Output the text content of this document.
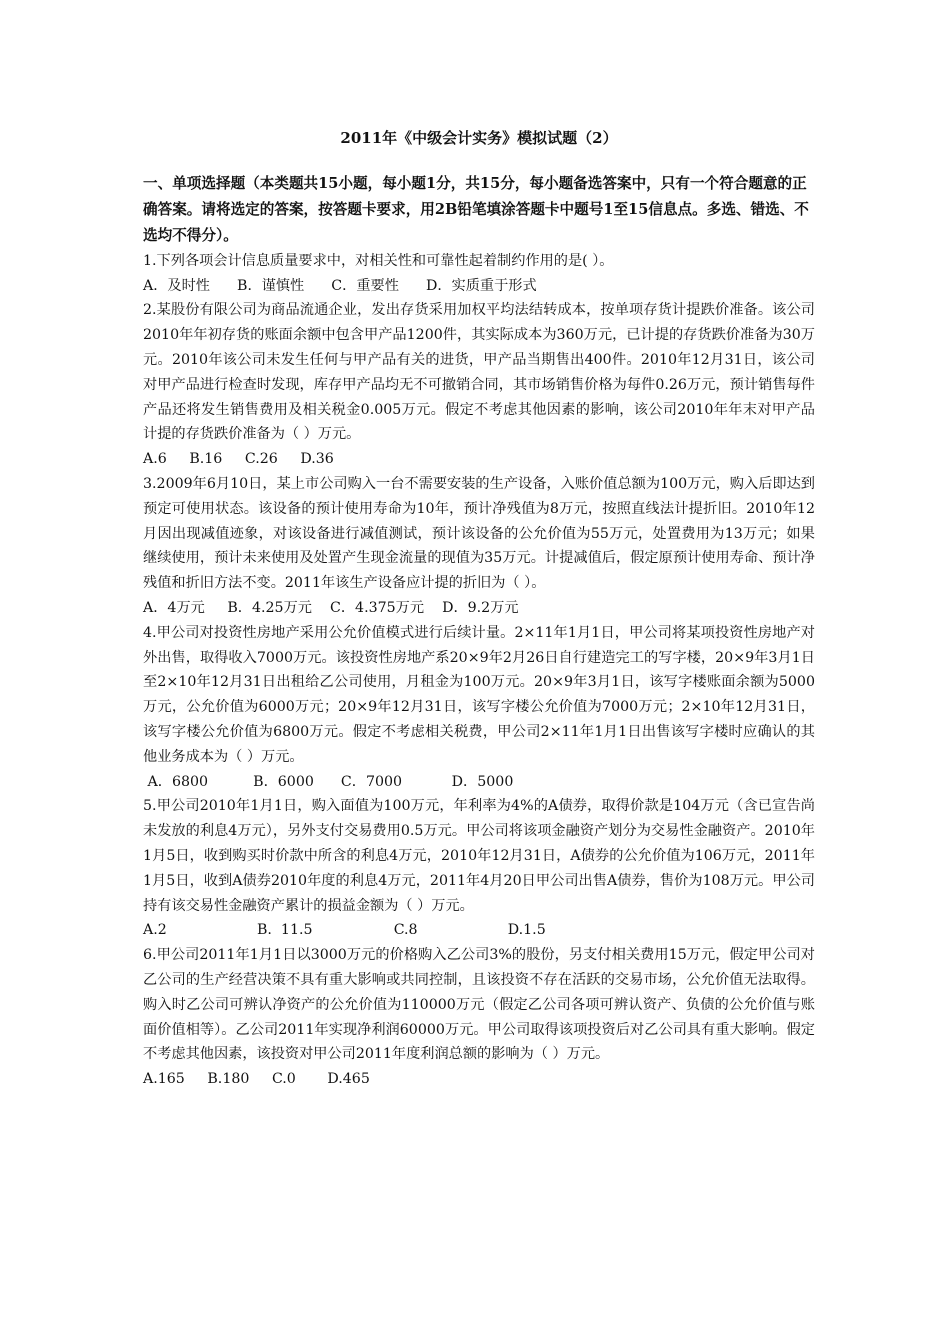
2011年《中级会计实务》模拟试题（2）

一、单项选择题（本类题共15小题，每小题1分，共15分，每小题备选答案中，只有一个符合题意的正确答案。请将选定的答案，按答题卡要求，用2B铅笔填涂答题卡中题号1至15信息点。多选、错选、不选均不得分）。

1.下列各项会计信息质量要求中，对相关性和可靠性起着制约作用的是( ）。

A．及时性      B．谨慎性      C．重要性      D．实质重于形式

2.某股份有限公司为商品流通企业，发出存货采用加权平均法结转成本，按单项存货计提跌价准备。该公司2010年年初存货的账面余额中包含甲产品1200件，其实际成本为360万元，已计提的存货跌价准备为30万元。2010年该公司未发生任何与甲产品有关的进货，甲产品当期售出400件。2010年12月31日，该公司对甲产品进行检查时发现，库存甲产品均无不可撤销合同，其市场销售价格为每件0.26万元，预计销售每件产品还将发生销售费用及相关税金0.005万元。假定不考虑其他因素的影响，该公司2010年年末对甲产品计提的存货跌价准备为（ ）万元。

A.6     B.16     C.26     D.36

3.2009年6月10日，某上市公司购入一台不需要安装的生产设备，入账价值总额为100万元，购入后即达到预定可使用状态。该设备的预计使用寿命为10年，预计净残值为8万元，按照直线法计提折旧。2010年12月因出现减值迹象，对该设备进行减值测试，预计该设备的公允价值为55万元，处置费用为13万元；如果继续使用，预计未来使用及处置产生现金流量的现值为35万元。计提减值后，假定原预计使用寿命、预计净残值和折旧方法不变。2011年该生产设备应计提的折旧为（ ）。

A．4万元     B．4.25万元    C．4.375万元    D．9.2万元

4.甲公司对投资性房地产采用公允价值模式进行后续计量。2×11年1月1日，甲公司将某项投资性房地产对外出售，取得收入7000万元。该投资性房地产系20×9年2月26日自行建造完工的写字楼，20×9年3月1日至2×10年12月31日出租给乙公司使用，月租金为100万元。20×9年3月1日，该写字楼账面余额为5000万元，公允价值为6000万元；20×9年12月31日，该写字楼公允价值为7000万元；2×10年12月31日，该写字楼公允价值为6800万元。假定不考虑相关税费，甲公司2×11年1月1日出售该写字楼时应确认的其他业务成本为（ ）万元。

A．6800          B．6000      C．7000           D．5000

5.甲公司2010年1月1日，购入面值为100万元，年利率为4%的A债券，取得价款是104万元（含已宣告尚未发放的利息4万元），另外支付交易费用0.5万元。甲公司将该项金融资产划分为交易性金融资产。2010年1月5日，收到购买时价款中所含的利息4万元，2010年12月31日，A债券的公允价值为106万元，2011年1月5日，收到A债券2010年度的利息4万元，2011年4月20日甲公司出售A债券，售价为108万元。甲公司持有该交易性金融资产累计的损益金额为（ ）万元。

A.2                    B.  11.5                  C.8                    D.1.5

6.甲公司2011年1月1日以3000万元的价格购入乙公司3%的股份，另支付相关费用15万元，假定甲公司对乙公司的生产经营决策不具有重大影响或共同控制，且该投资不存在活跃的交易市场，公允价值无法取得。购入时乙公司可辨认净资产的公允价值为110000万元（假定乙公司各项可辨认资产、负债的公允价值与账面价值相等）。乙公司2011年实现净利润60000万元。甲公司取得该项投资后对乙公司具有重大影响。假定不考虑其他因素，该投资对甲公司2011年度利润总额的影响为（ ）万元。

A.165     B.180     C.0       D.465
